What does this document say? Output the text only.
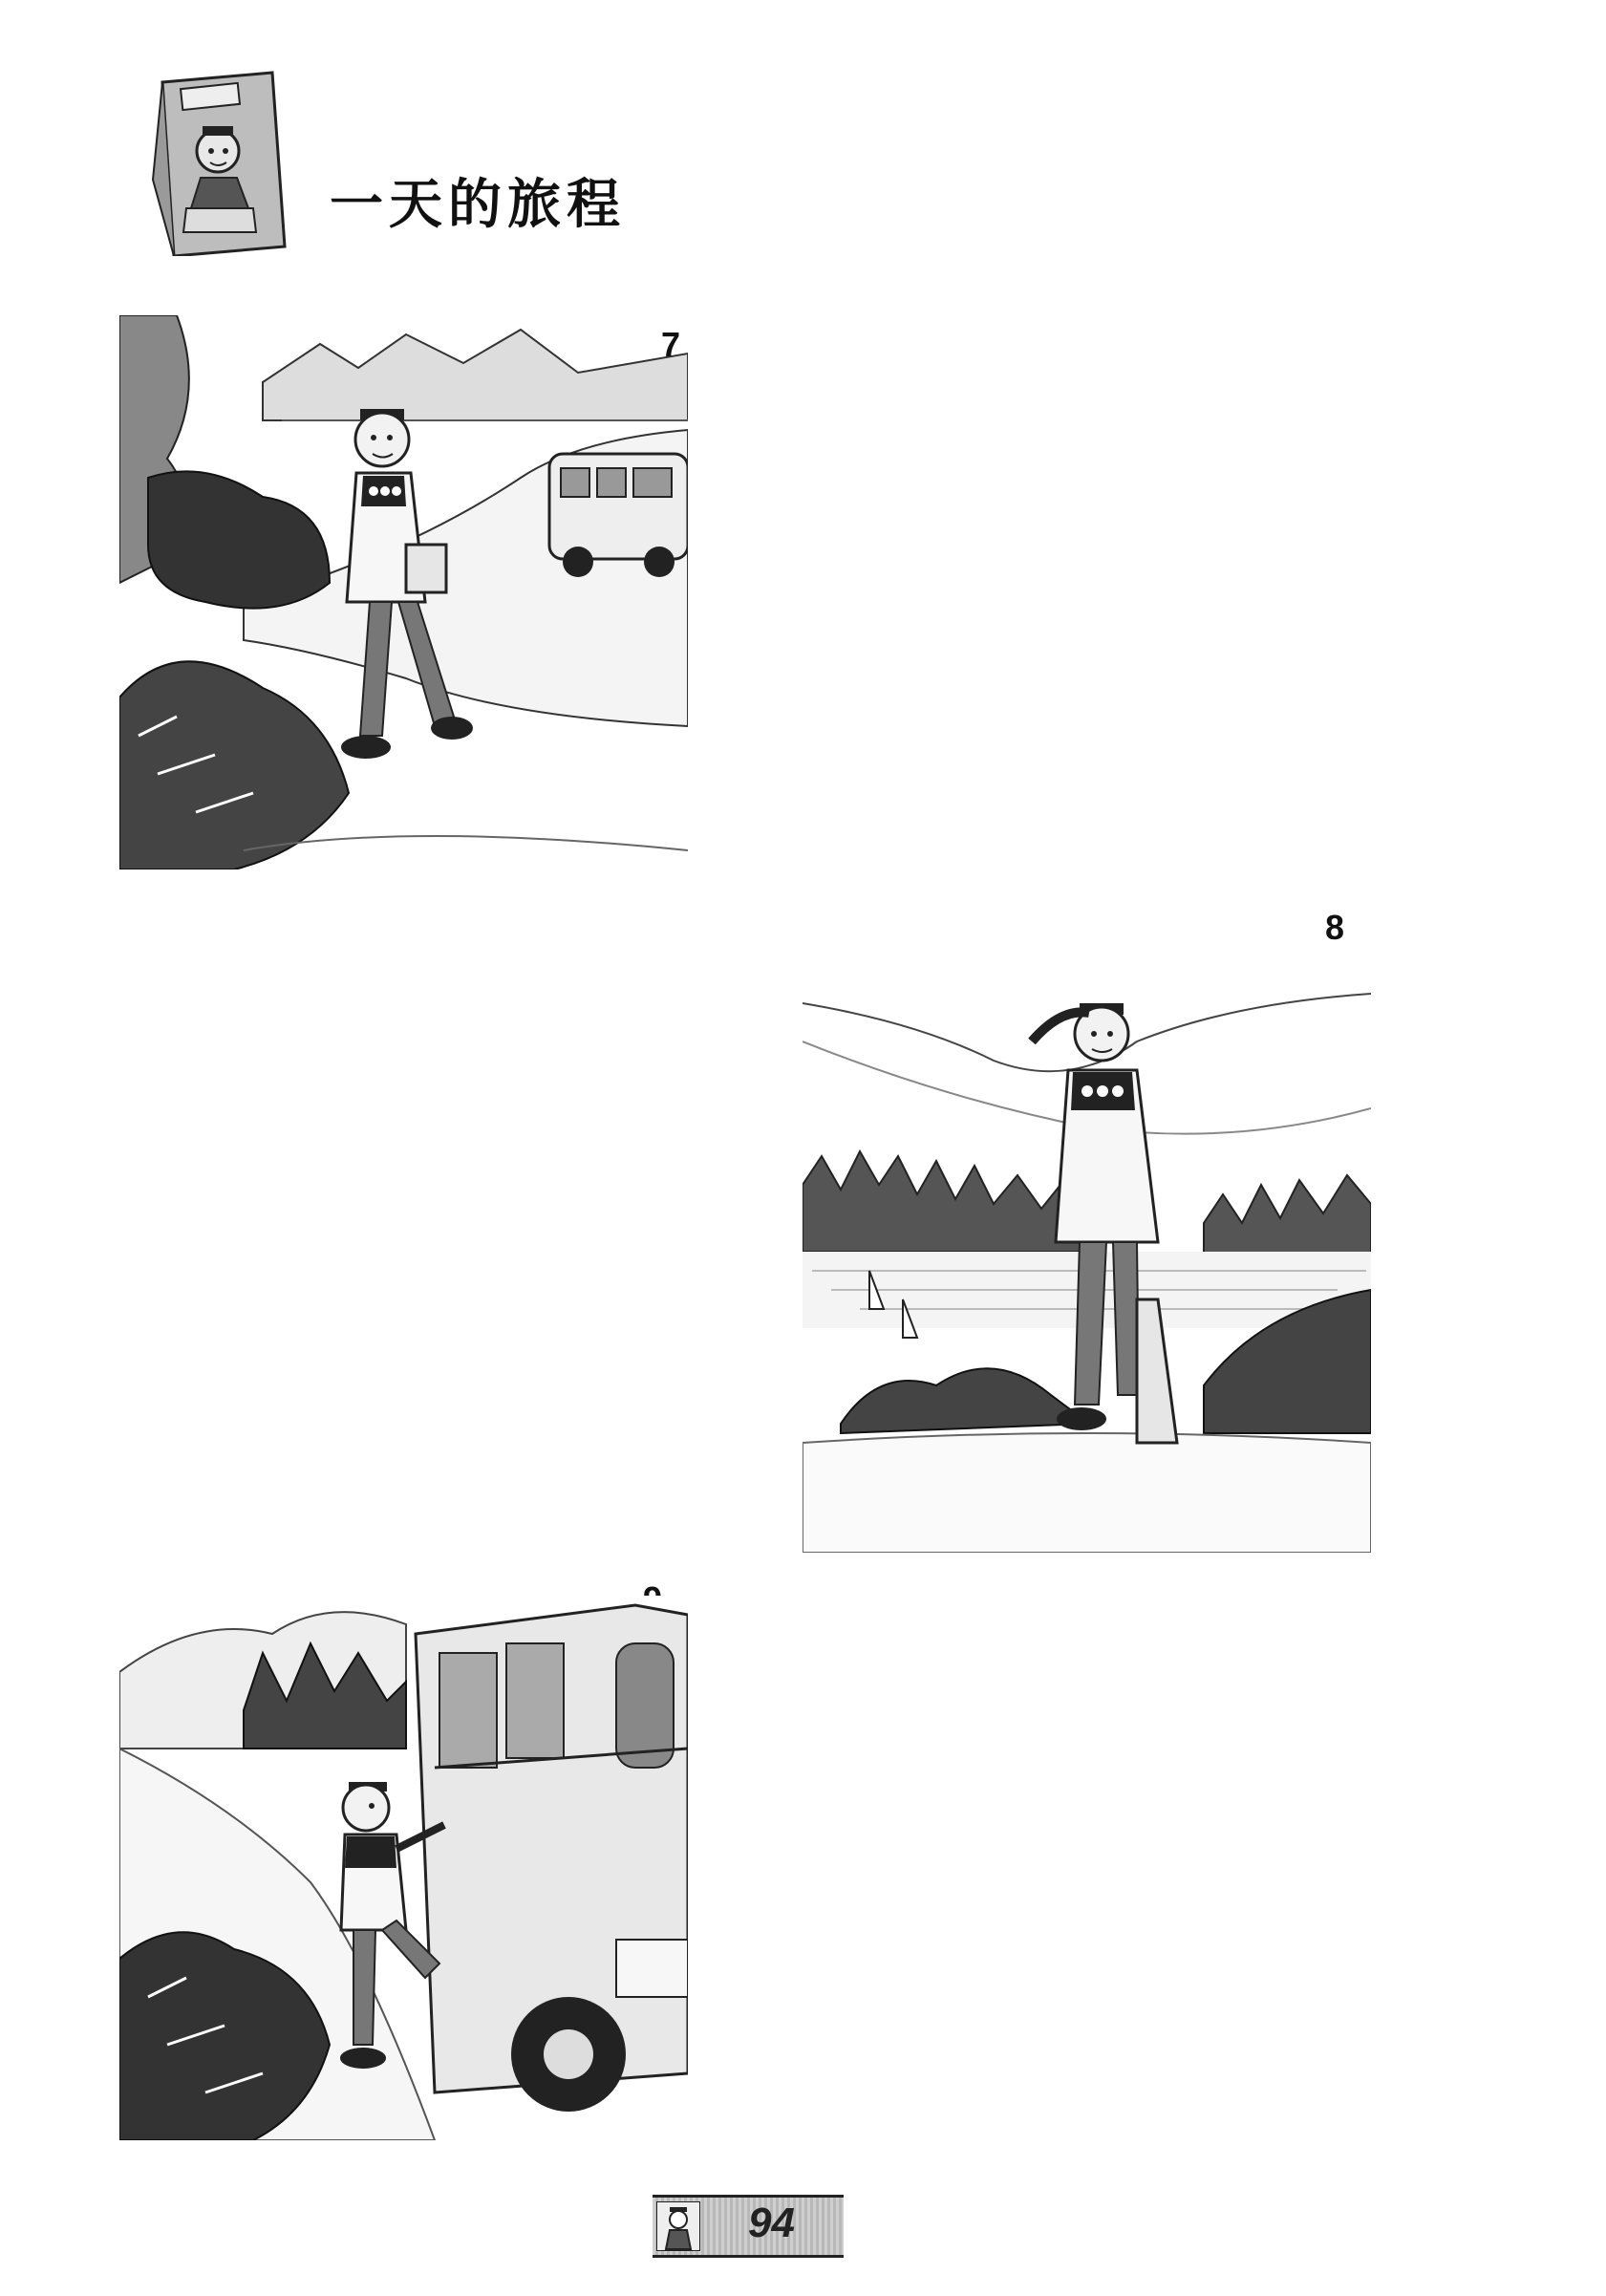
一天的旅程
7
8
94
